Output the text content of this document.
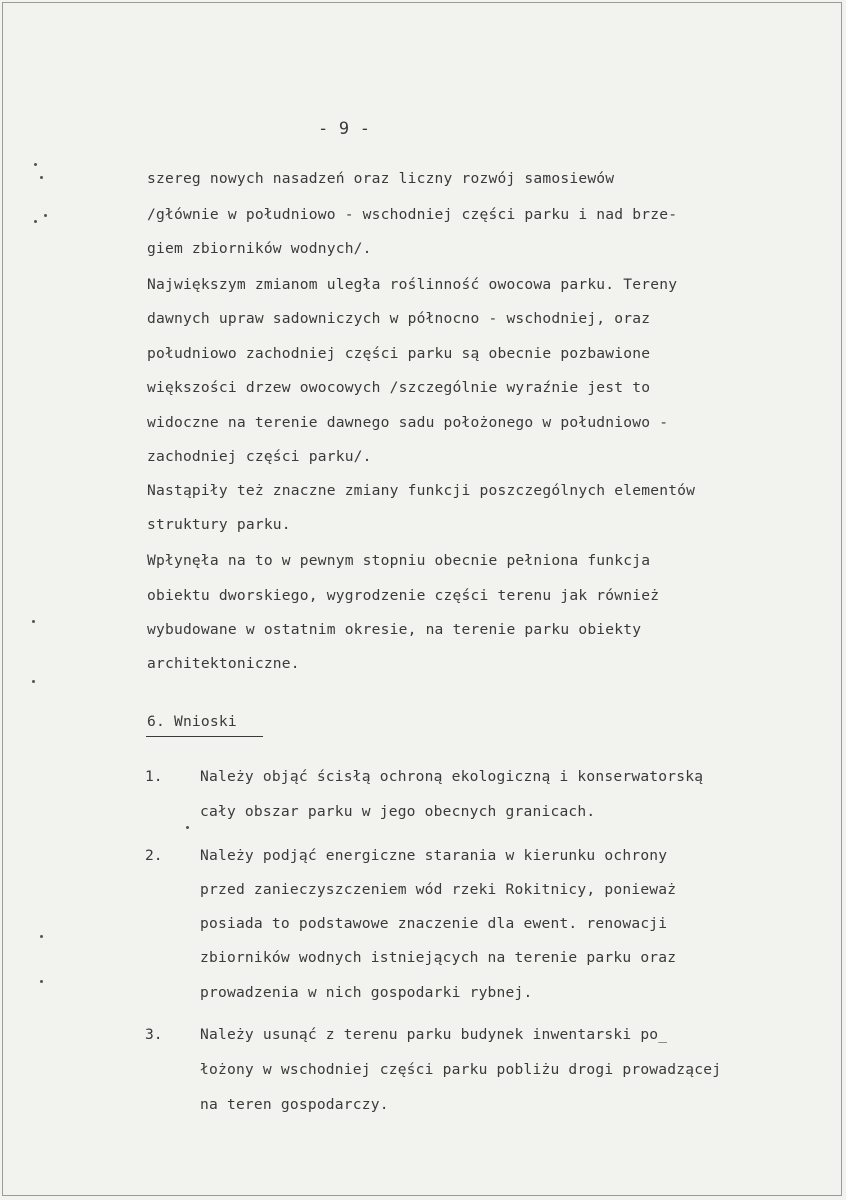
- 9 -
szereg nowych nasadzeń oraz liczny rozwój samosiewów
/głównie w południowo - wschodniej części parku i nad brze-
giem zbiorników wodnych/.
Największym zmianom uległa roślinność owocowa parku. Tereny
dawnych upraw sadowniczych w północno - wschodniej, oraz
południowo zachodniej części parku są obecnie pozbawione
większości drzew owocowych /szczególnie wyraźnie jest to
widoczne na terenie dawnego sadu położonego w południowo -
zachodniej części parku/.
Nastąpiły też znaczne zmiany funkcji poszczególnych elementów
struktury parku.
Wpłynęła na to w pewnym stopniu obecnie pełniona funkcja
obiektu dworskiego, wygrodzenie części terenu jak również
wybudowane w ostatnim okresie, na terenie parku obiekty
architektoniczne.
6. Wnioski
1.	Należy objąć ścisłą ochroną ekologiczną i konserwatorską
cały obszar parku w jego obecnych granicach.
2.	Należy podjąć energiczne starania w kierunku ochrony
przed zanieczyszczeniem wód rzeki Rokitnicy, ponieważ
posiada to podstawowe znaczenie dla ewent. renowacji
zbiorników wodnych istniejących na terenie parku oraz
prowadzenia w nich gospodarki rybnej.
3.	Należy usunąć z terenu parku budynek inwentarski po_
łożony w wschodniej części parku pobliżu drogi prowadzącej
na teren gospodarczy.
